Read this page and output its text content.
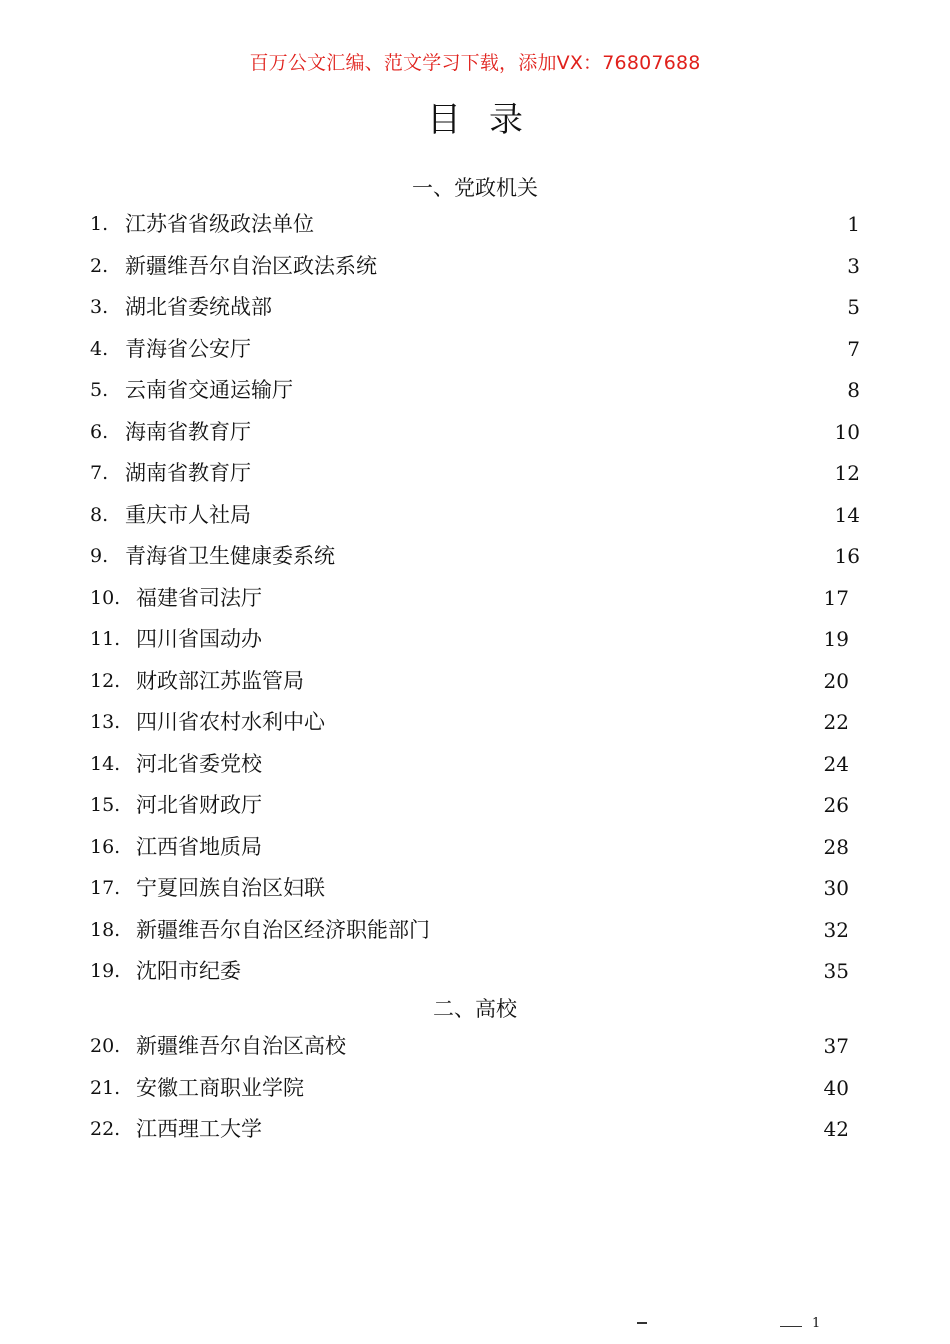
百万公文汇编、范文学习下载，添加VX：76807688
目录
一、党政机关
1. 江苏省省级政法单位	1
2. 新疆维吾尔自治区政法系统	3
3. 湖北省委统战部	5
4. 青海省公安厅	7
5. 云南省交通运输厅	8
6. 海南省教育厅	10
7. 湖南省教育厅	12
8. 重庆市人社局	14
9. 青海省卫生健康委系统	16
10. 福建省司法厅	17
11. 四川省国动办	19
12. 财政部江苏监管局	20
13. 四川省农村水利中心	22
14. 河北省委党校	24
15. 河北省财政厅	26
16. 江西省地质局	28
17. 宁夏回族自治区妇联	30
18. 新疆维吾尔自治区经济职能部门	32
19. 沈阳市纪委	35
二、高校
20. 新疆维吾尔自治区高校	37
21. 安徽工商职业学院	40
22. 江西理工大学	42
1
